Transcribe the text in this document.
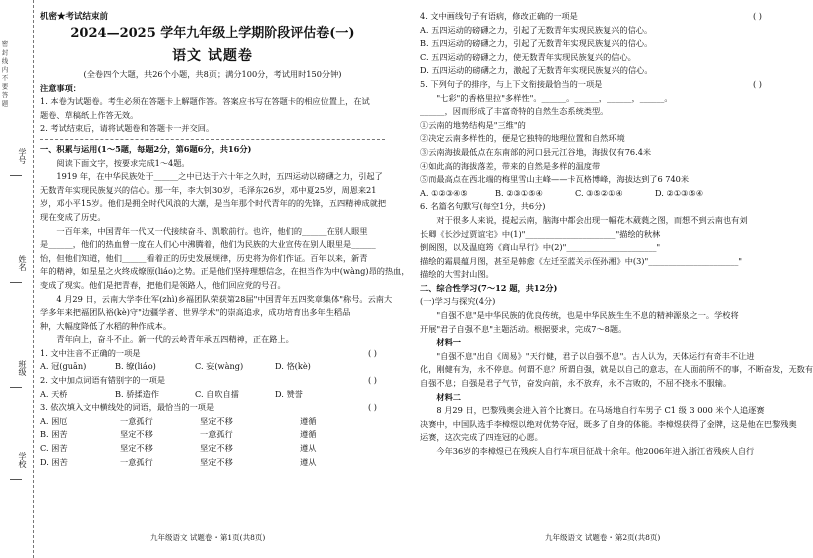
学号
姓名
班级
学校
密 封 线 内 不 要 答 题
机密★考试结束前
2024—2025 学年九年级上学期阶段评估卷(一)
语文 试题卷
(全卷四个大题，共26个小题，共8页；满分100分，考试用时150分钟)
注意事项：
1. 本卷为试题卷。考生必须在答题卡上解题作答。答案应书写在答题卡的相应位置上，在试
题卷、草稿纸上作答无效。
2. 考试结束后，请将试题卷和答题卡一并交回。
一、积累与运用(1～5题，每题2分，第6题6分，共16分)
阅读下面文字，按要求完成1～4题。
1919 年，在中华民族处于______之中已达于六十年之久时，五四运动以磅礴之力，引起了
无数青年实现民族复兴的信心。那一年，李大钊30岁，毛泽东26岁，邓中夏25岁，周恩来21
岁，邓小平15岁。他们是拥全时代风浪的大潮，是当年那个时代青年的的先锋，五四精神成就把
现在变成了历史。
一百年来，中国青年一代又一代接续奋斗、凯歌前行。也许，他们的______在别人眼里
是______，他们的热血曾一度在人们心中沸腾着，他们为民族的大业宣传在别人眼里是______
怡，但他们知道，他们______看着正的历史发展规律，历史将为你们作证。百年以来，新青
年的精神，如星星之火终成燎原(liáo)之势。正是他们坚持理想信念，在担当作为中(wàng)昂的热血，
变成了现实。他们是把青春，把他们是领路人，他们回应党的号召。
4 月29 日，云南大学李仕军(zhì)乡福团队荣获第28届"中国青年五四奖章集体"称号。云南大
学多年来把福团队裕(kè)守"边疆学者、世界学术"的崇高追求，成功培育出多年生稻品
种，大幅度降低了水稻的种作成本。
青年向上，奋斗不止。新一代的云岭青年承五四精神，正在路上。
1. 文中注音不正确的一项是	( )
A. 冠(guān)	B. 缭(liáo)	C. 妄(wàng)	D. 恪(kè)
2. 文中加点词语有错别字的一项是	( )
A. 天桥	B. 骄揉造作	C. 自吹自擂	D. 赞誉
3. 依次填入文中横线处的词语，最恰当的一项是	( )
A. 困厄	一意孤行	坚定不移	遵循
B. 困苦	坚定不移	一意孤行	遵循
C. 困苦	坚定不移	坚定不移	遵从
D. 困苦	一意孤行	坚定不移	遵从
九年级语文 试题卷・第1页(共8页)
4. 文中画线句子有语病，修改正确的一项是	( )
A. 五四运动的磅礴之力，引起了无数青年实现民族复兴的信心。
B. 五四运动的磅礴之力，引起了无数青年实现民族复兴的信心。
C. 五四运动的磅礴之力，使无数青年实现民族复兴的信心。
D. 五四运动的磅礴之力，激起了无数青年实现民族复兴的信心。
5. 下列句子的排序，与上下文衔接最恰当的一项是	( )
"七彩"的香格里拉"多样性"。______。______，______，______。
______，因而形成了丰富奇特的自然生态系统类型。
①云南的地势结构是"三维"的
②决定云南多样性的，便是它独特的地理位置和自然环境
③云南海拔最低点在东南部的河口县元江谷地，海拔仅有76.4米
④如此高的海拔落差，带来的自然是多样的温度带
⑤而最高点在西北端的梅里雪山主峰——卡瓦格博峰，海拔达到了6 740米
A. ①②③④⑤	B. ②③①⑤④	C. ③⑤②①④	D. ②①③⑤④
6. 名篇名句默写(每空1分，共6分)
对于很多人来说，提起云南，脑海中都会出现一幅花木葳蕤之图，而想不到云南也有刘
长卿《长沙过贾谊宅》中(1)"______________________"描绘的秋林
倒阁图，以及温庭筠《商山早行》中(2)"______________________"
描绘的霜晨蕴月图，甚至是韩愈《左迁至蓝关示侄孙湘》中(3)"______________________"
描绘的大雪封山图。
二、综合性学习(7～12 题，共12分)
(一)学习与探究(4分)
"自强不息"是中华民族的优良传统，也是中华民族生生不息的精神源泉之一。学校将
开展"君子自强不息"主题活动。根据要求，完成7～8题。
材料一
"自强不息"出自《周易》"天行健，君子以自强不息"。古人认为，天体运行有奇丰不让进
化，刚健有为，永不停息。何谓不息？所谓自强，就是以自己的意志，在人面前所不的事，不断奋发，无数有
自强不息；自强是君子气节，奋发向前，永不放弃，永不言败的，不屈不挠永不服输。
材料二
8 月29 日，巴黎残奥会进入首个比赛日。在马场地自行车男子 C1 级 3 000 米个人追逐赛
决赛中，中国队选手李樟煜以绝对优势夺冠，既多了自身的体能。李樟煜获得了金牌，这是他在巴黎残奥
运赛，这次完成了四连冠的心愿。
今年36岁的李樟煜已在残疾人自行车项目征战十余年。他2006年进入浙江省残疾人自行
九年级语文 试题卷・第2页(共8页)
